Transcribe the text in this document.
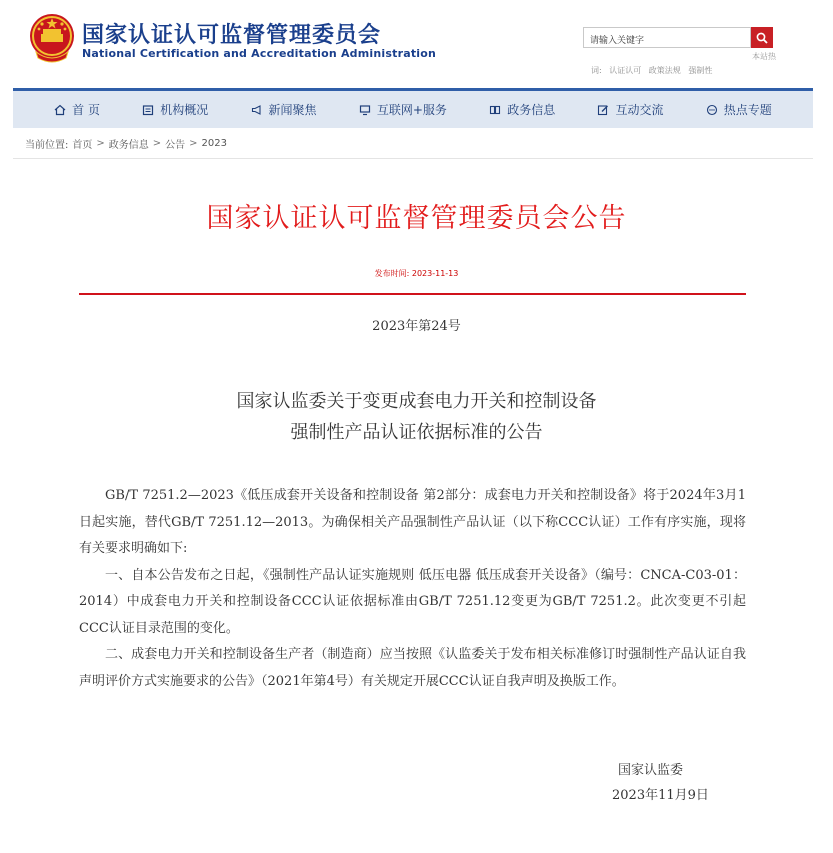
国家认证认可监督管理委员会
National Certification and Accreditation Administration
请输入关键字	本站热
词: 认证认可 政策法规 强制性
首 页	机构概况	新闻聚焦	互联网+服务	政务信息	互动交流	热点专题
当前位置: 首页 > 政务信息 > 公告 > 2023
国家认证认可监督管理委员会公告
发布时间: 2023-11-13
2023年第24号
国家认监委关于变更成套电力开关和控制设备
强制性产品认证依据标准的公告

GB/T 7251.2—2023《低压成套开关设备和控制设备 第2部分：成套电力开关和控制设备》将于2024年3月1日起实施，替代GB/T 7251.12—2013。为确保相关产品强制性产品认证（以下称CCC认证）工作有序实施，现将有关要求明确如下:

一、自本公告发布之日起，《强制性产品认证实施规则 低压电器 低压成套开关设备》（编号：CNCA-C03-01：2014）中成套电力开关和控制设备CCC认证依据标准由GB/T 7251.12变更为GB/T 7251.2。此次变更不引起CCC认证目录范围的变化。

二、成套电力开关和控制设备生产者（制造商）应当按照《认监委关于发布相关标准修订时强制性产品认证自我声明评价方式实施要求的公告》（2021年第4号）有关规定开展CCC认证自我声明及换版工作。

国家认监委
2023年11月9日
